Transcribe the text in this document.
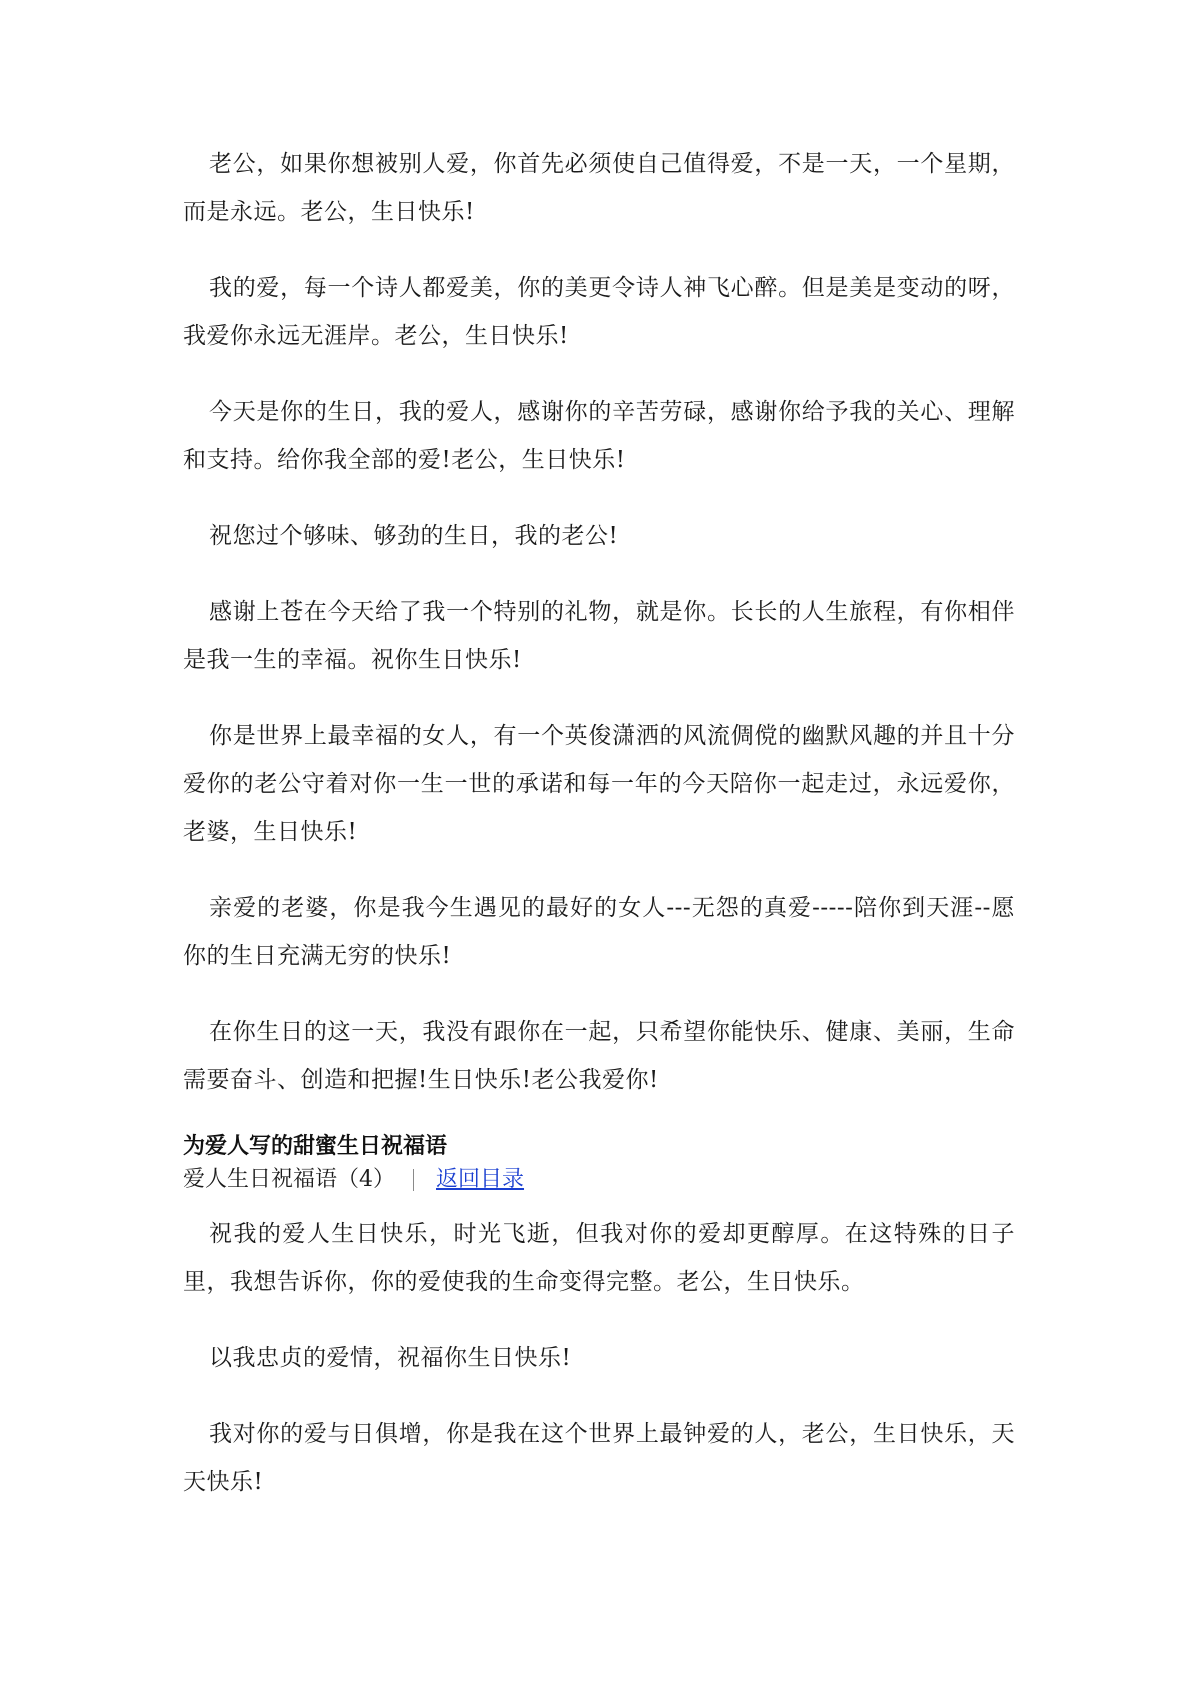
老公，如果你想被别人爱，你首先必须使自己值得爱，不是一天，一个星期，而是永远。老公，生日快乐!

我的爱，每一个诗人都爱美，你的美更令诗人神飞心醉。但是美是变动的呀，我爱你永远无涯岸。老公，生日快乐!

今天是你的生日，我的爱人，感谢你的辛苦劳碌，感谢你给予我的关心、理解和支持。给你我全部的爱!老公，生日快乐!

祝您过个够味、够劲的生日，我的老公!

感谢上苍在今天给了我一个特别的礼物，就是你。长长的人生旅程，有你相伴是我一生的幸福。祝你生日快乐!

你是世界上最幸福的女人，有一个英俊潇洒的风流倜傥的幽默风趣的并且十分爱你的老公守着对你一生一世的承诺和每一年的今天陪你一起走过，永远爱你，老婆，生日快乐!

亲爱的老婆，你是我今生遇见的最好的女人---无怨的真爱-----陪你到天涯--愿你的生日充满无穷的快乐!

在你生日的这一天，我没有跟你在一起，只希望你能快乐、健康、美丽，生命需要奋斗、创造和把握!生日快乐!老公我爱你!

为爱人写的甜蜜生日祝福语
爱人生日祝福语（4） 返回目录

祝我的爱人生日快乐，时光飞逝，但我对你的爱却更醇厚。在这特殊的日子里，我想告诉你，你的爱使我的生命变得完整。老公，生日快乐。

以我忠贞的爱情，祝福你生日快乐!

我对你的爱与日俱增，你是我在这个世界上最钟爱的人，老公，生日快乐，天天快乐!
